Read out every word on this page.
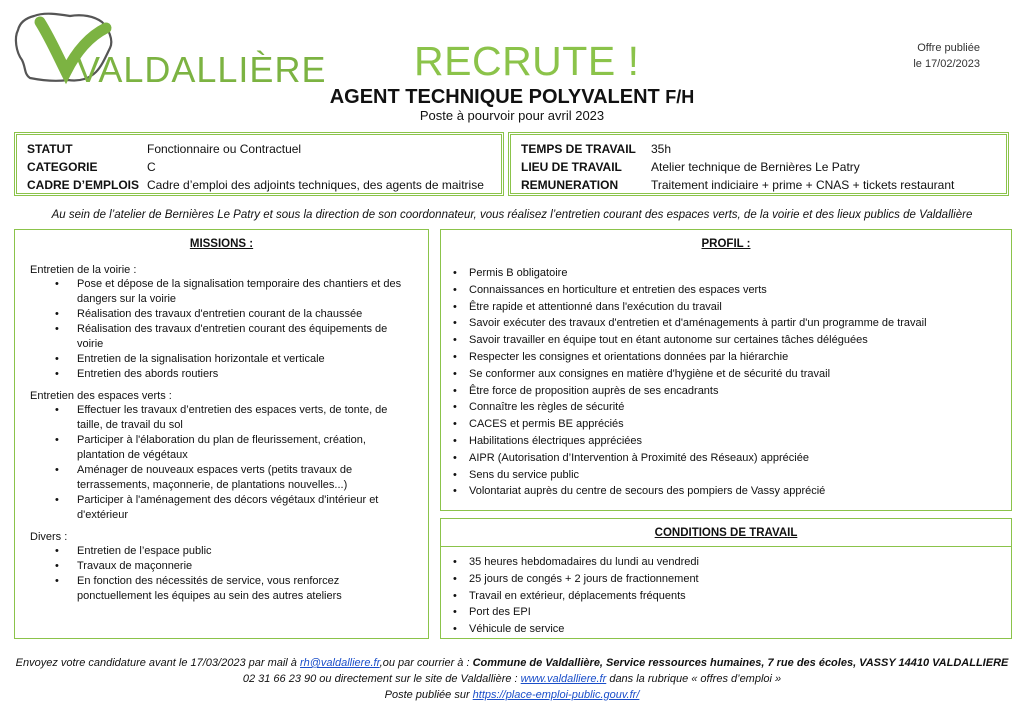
VALDALLIÈRE RECRUTE !
AGENT TECHNIQUE POLYVALENT F/H
Poste à pourvoir pour avril 2023
Offre publiée
le 17/02/2023
STATUT	Fonctionnaire ou Contractuel
CATEGORIE	C
CADRE D’EMPLOIS Cadre d’emploi des adjoints techniques, des agents de maitrise
TEMPS DE TRAVAIL	35h
LIEU DE TRAVAIL	Atelier technique de Bernières Le Patry
REMUNERATION	Traitement indiciaire + prime + CNAS + tickets restaurant
Au sein de l’atelier de Bernières Le Patry et sous la direction de son coordonnateur, vous réalisez l’entretien courant des espaces verts, de la voirie et des lieux publics de Valdallière
MISSIONS :
Entretien de la voirie :
• Pose et dépose de la signalisation temporaire des chantiers et des dangers sur la voirie
• Réalisation des travaux d'entretien courant de la chaussée
• Réalisation des travaux d'entretien courant des équipements de voirie
• Entretien de la signalisation horizontale et verticale
• Entretien des abords routiers
Entretien des espaces verts :
• Effectuer les travaux d’entretien des espaces verts, de tonte, de taille, de travail du sol
• Participer à l'élaboration du plan de fleurissement, création, plantation de végétaux
• Aménager de nouveaux espaces verts (petits travaux de terrassements, maçonnerie, de plantations nouvelles...)
• Participer à l'aménagement des décors végétaux d'intérieur et d'extérieur
Divers :
• Entretien de l’espace public
• Travaux de maçonnerie
• En fonction des nécessités de service, vous renforcez ponctuellement les équipes au sein des autres ateliers
PROFIL :
• Permis B obligatoire
• Connaissances en horticulture et entretien des espaces verts
• Être rapide et attentionné dans l'exécution du travail
• Savoir exécuter des travaux d'entretien et d'aménagements à partir d'un programme de travail
• Savoir travailler en équipe tout en étant autonome sur certaines tâches déléguées
• Respecter les consignes et orientations données par la hiérarchie
• Se conformer aux consignes en matière d'hygiène et de sécurité du travail
• Être force de proposition auprès de ses encadrants
• Connaître les règles de sécurité
• CACES et permis BE appréciés
• Habilitations électriques appréciées
• AIPR (Autorisation d’Intervention à Proximité des Réseaux) appréciée
• Sens du service public
• Volontariat auprès du centre de secours des pompiers de Vassy apprécié
CONDITIONS DE TRAVAIL
• 35 heures hebdomadaires du lundi au vendredi
• 25 jours de congés + 2 jours de fractionnement
• Travail en extérieur, déplacements fréquents
• Port des EPI
• Véhicule de service
Envoyez votre candidature avant le 17/03/2023 par mail à rh@valdalliere.fr,ou par courrier à : Commune de Valdallière, Service ressources humaines, 7 rue des écoles, VASSY 14410 VALDALLIERE
02 31 66 23 90 ou directement sur le site de Valdallière : www.valdalliere.fr dans la rubrique « offres d’emploi »
Poste publiée sur https://place-emploi-public.gouv.fr/
